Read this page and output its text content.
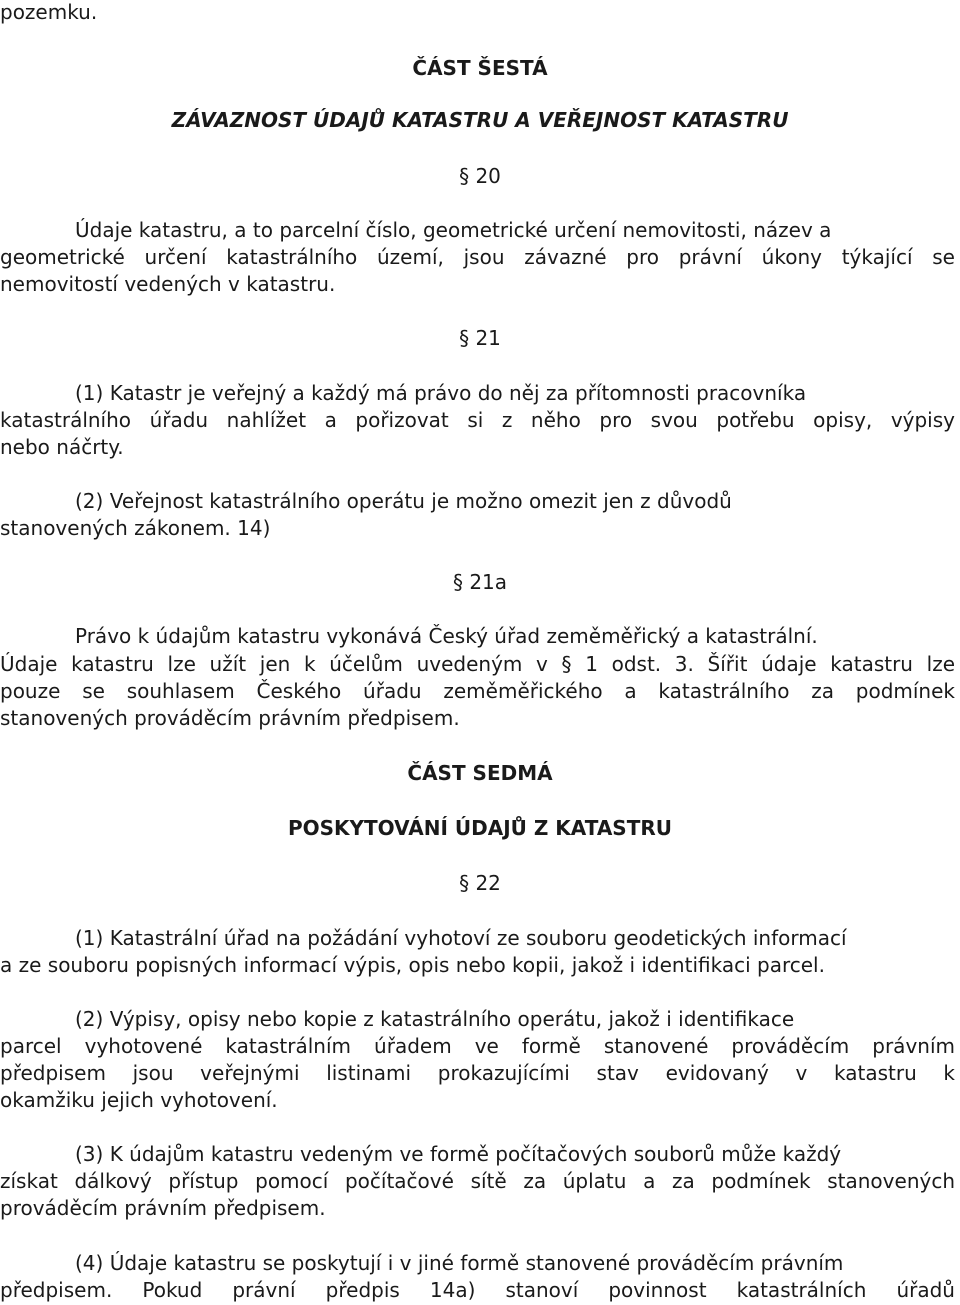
pozemku.
ČÁST ŠESTÁ
ZÁVAZNOST ÚDAJŮ KATASTRU A VEŘEJNOST KATASTRU
§ 20
Údaje katastru, a to parcelní číslo, geometrické určení nemovitosti, název a
geometrické určení katastrálního území, jsou závazné pro právní úkony týkající se
nemovitostí vedených v katastru.
§ 21
(1) Katastr je veřejný a každý má právo do něj za přítomnosti pracovníka
katastrálního úřadu nahlížet a pořizovat si z něho pro svou potřebu opisy, výpisy
nebo náčrty.
(2) Veřejnost katastrálního operátu je možno omezit jen z důvodů
stanovených zákonem. 14)
§ 21a
Právo k údajům katastru vykonává Český úřad zeměměřický a katastrální.
Údaje katastru lze užít jen k účelům uvedeným v § 1 odst. 3. Šířit údaje katastru lze
pouze se souhlasem Českého úřadu zeměměřického a katastrálního za podmínek
stanovených prováděcím právním předpisem.
ČÁST SEDMÁ
POSKYTOVÁNÍ ÚDAJŮ Z KATASTRU
§ 22
(1) Katastrální úřad na požádání vyhotoví ze souboru geodetických informací
a ze souboru popisných informací výpis, opis nebo kopii, jakož i identifikaci parcel.
(2) Výpisy, opisy nebo kopie z katastrálního operátu, jakož i identifikace
parcel vyhotovené katastrálním úřadem ve formě stanovené prováděcím právním
předpisem jsou veřejnými listinami prokazujícími stav evidovaný v katastru k
okamžiku jejich vyhotovení.
(3) K údajům katastru vedeným ve formě počítačových souborů může každý
získat dálkový přístup pomocí počítačové sítě za úplatu a za podmínek stanovených
prováděcím právním předpisem.
(4) Údaje katastru se poskytují i v jiné formě stanovené prováděcím právním
předpisem. Pokud právní předpis 14a) stanoví povinnost katastrálních úřadů
